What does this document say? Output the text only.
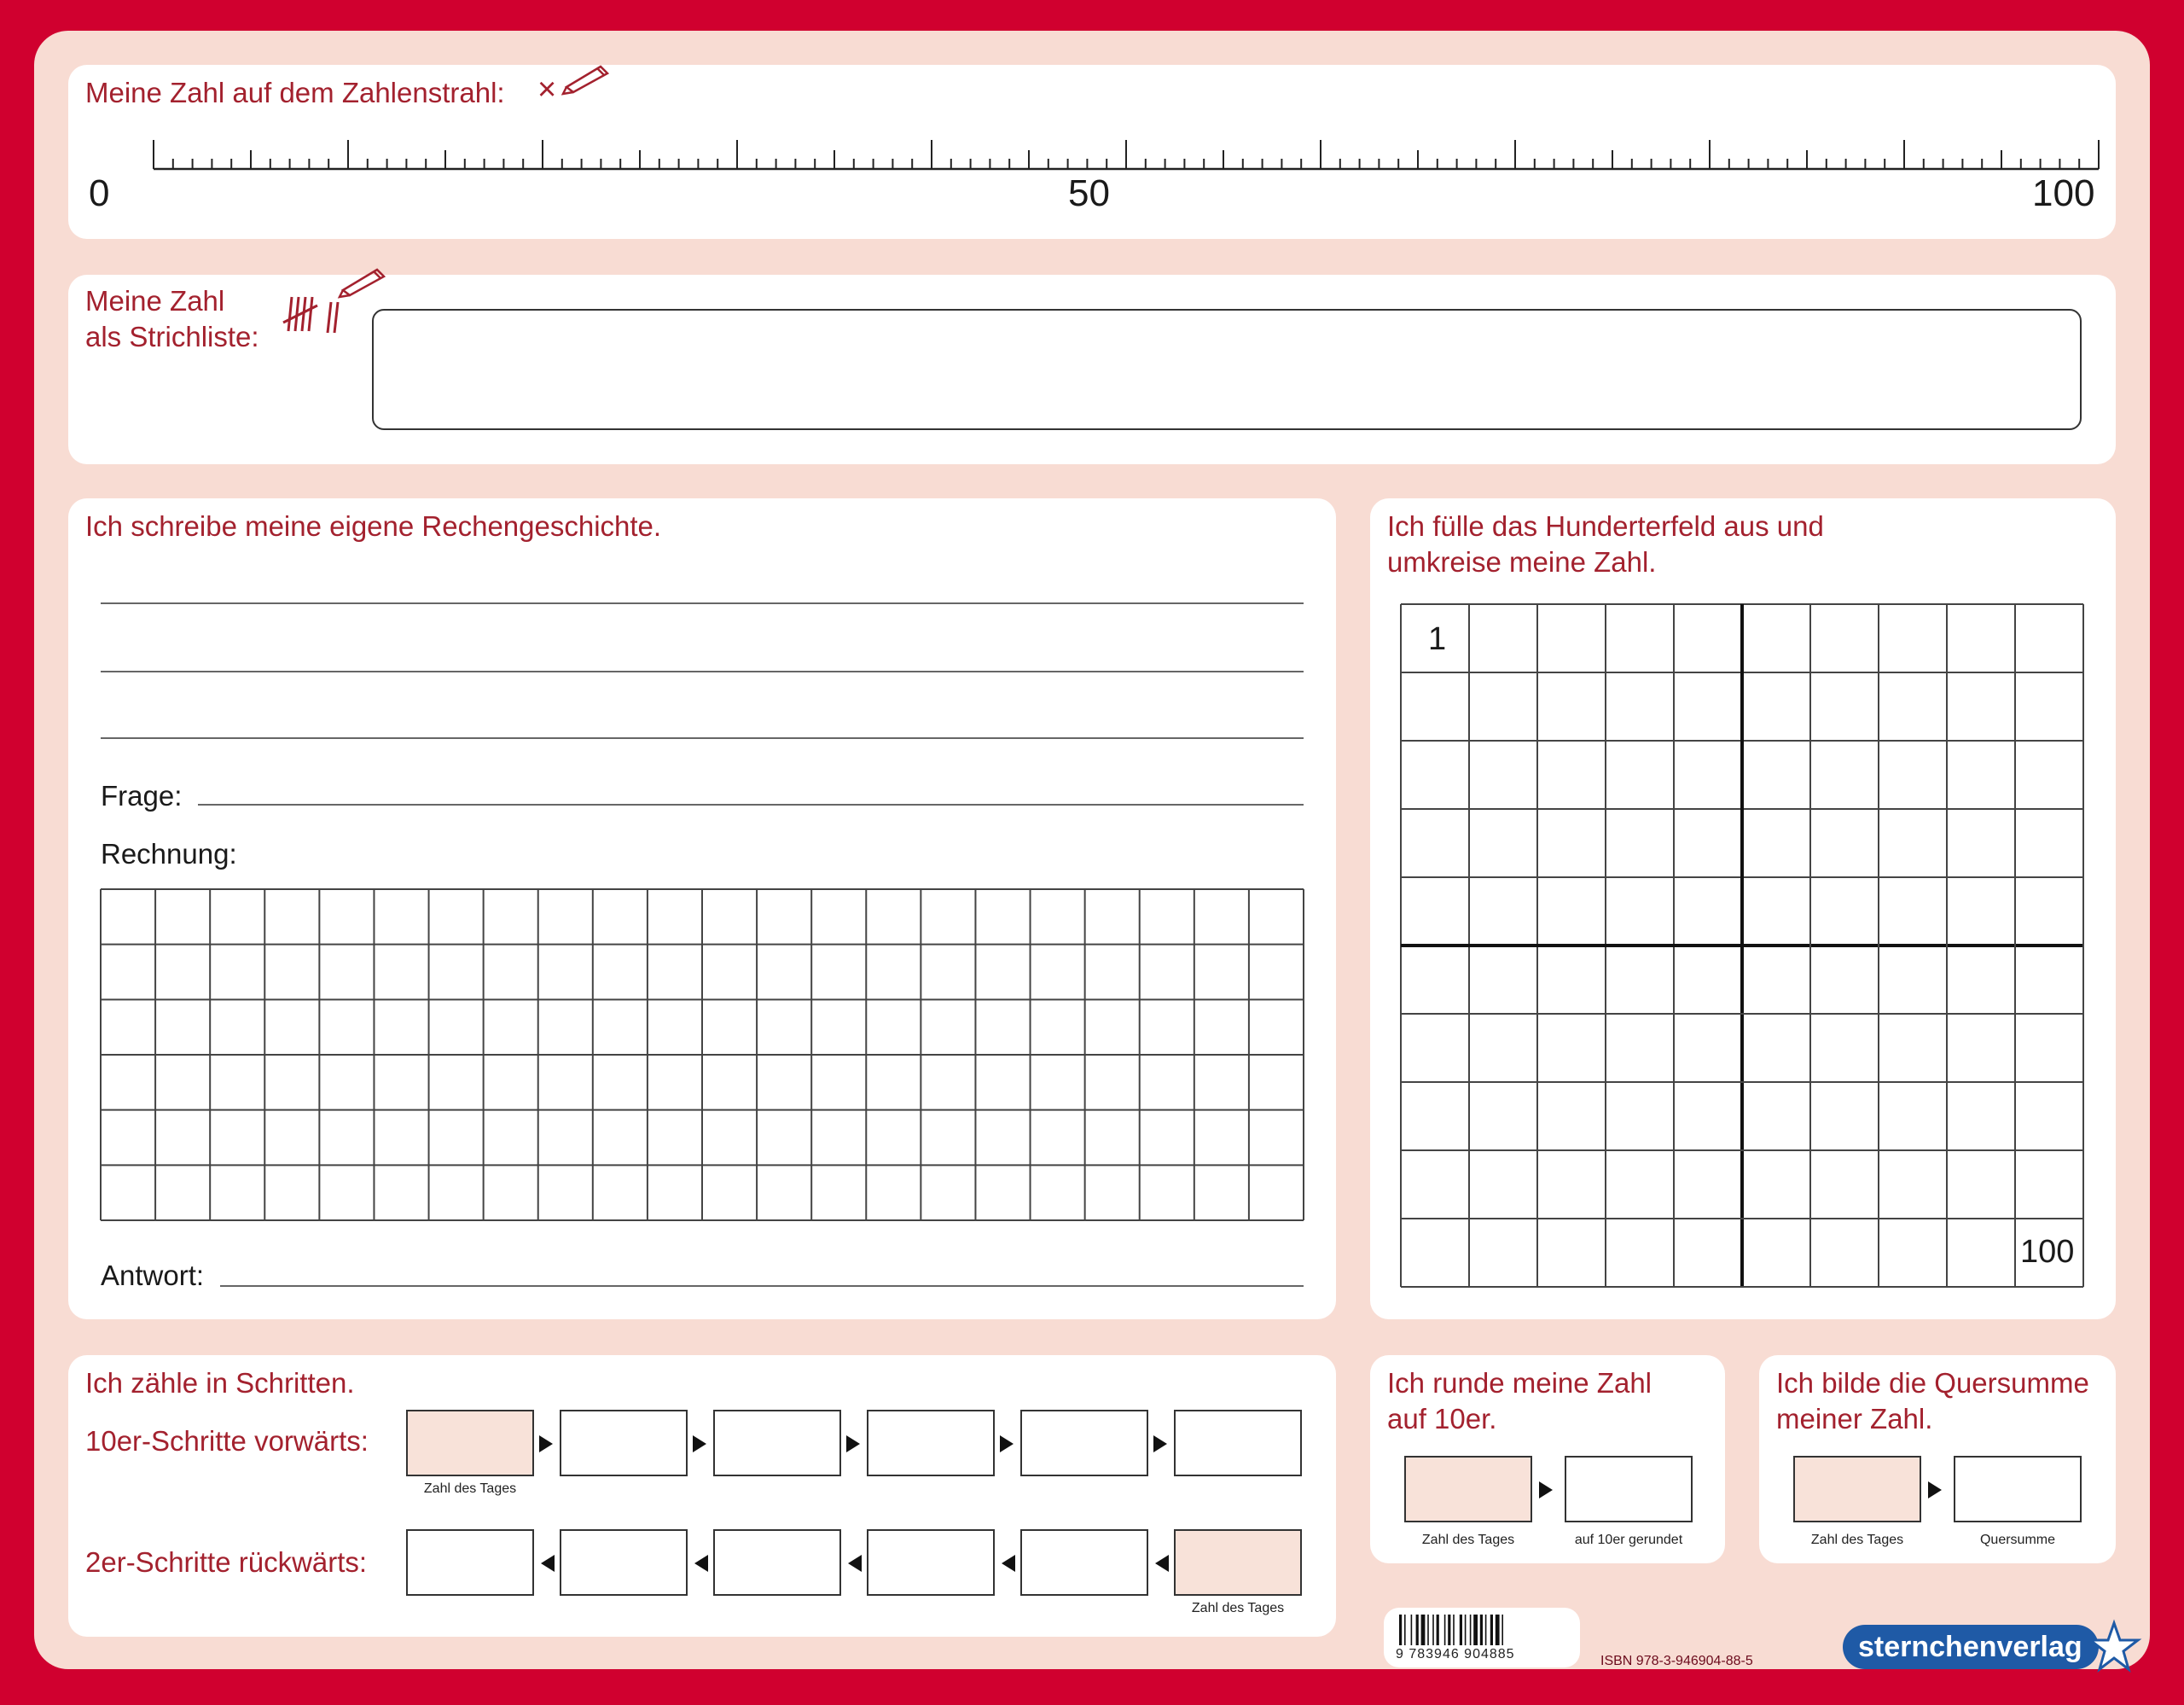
Meine Zahl auf dem Zahlenstrahl: ×
0	50	100
Meine Zahl
als Strichliste:
Ich schreibe meine eigene Rechengeschichte.
Frage:
Rechnung:
Antwort:
Ich fülle das Hunderterfeld aus und
umkreise meine Zahl.
1
100
Ich zähle in Schritten.
10er-Schritte vorwärts:
2er-Schritte rückwärts:
Zahl des Tages
Zahl des Tages
Ich runde meine Zahl
auf 10er.
Zahl des Tages	auf 10er gerundet
Ich bilde die Quersumme
meiner Zahl.
Zahl des Tages	Quersumme
9 783946 904885	ISBN 978-3-946904-88-5	sternchenverlag
